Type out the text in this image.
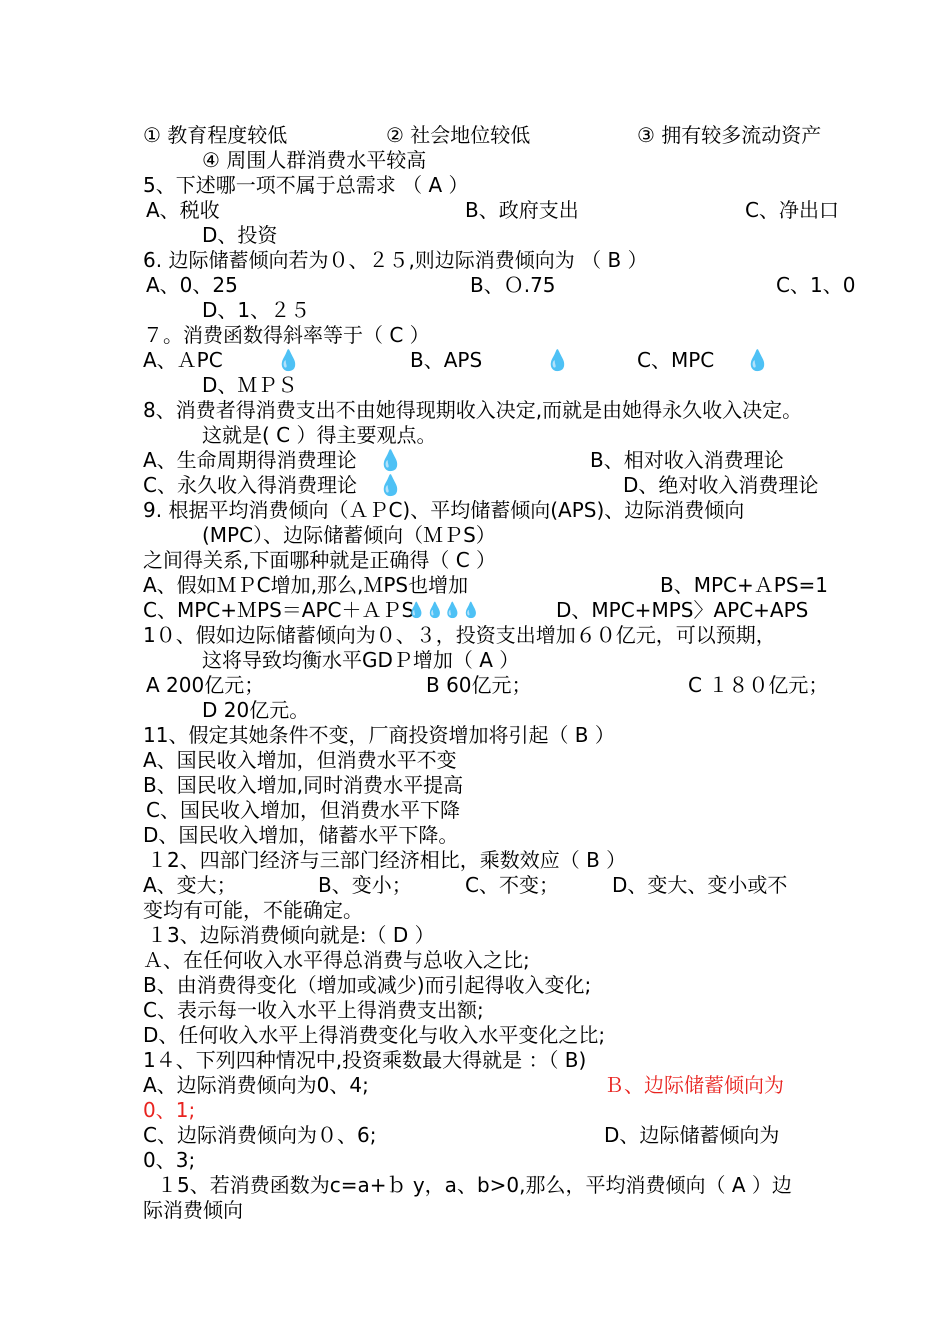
① 教育程度较低	② 社会地位较低	③ 拥有较多流动资产

④ 周围人群消费水平较高

5、下述哪一项不属于总需求 （ A ）

A、税收	B、政府支出	C、净出口

D、投资

6. 边际储蓄倾向若为０、２５,则边际消费倾向为 （ B ）

A、0、25	B、Ｏ.75	C、1、0

D、1、２５

７。消费函数得斜率等于（ C ）

A、ＡPC	💧	B、APS	💧	C、MPC 💧

D、ＭＰＳ

8、消费者得消费支出不由她得现期收入决定,而就是由她得永久收入决定。

这就是( C ）得主要观点。

A、生命周期得消费理论 💧	B、相对收入消费理论

C、永久收入得消费理论 💧	D、绝对收入消费理论

9. 根据平均消费倾向（ＡＰC)、平均储蓄倾向(APS)、边际消费倾向

(MPC）、边际储蓄倾向（ＭＰS）

之间得关系,下面哪种就是正确得（ C ）

A、假如ＭＰC增加,那么,ＭPS也增加	B、MPC+ＡPS=1

C、MPC+ＭPS＝APC＋ＡＰS

💧💧
💧💧	D、MPC+MPS〉APC+APS

1０、假如边际储蓄倾向为０、３，投资支出增加６０亿元，可以预期，

这将导致均衡水平GDＰ增加（ A ）

A 200亿元；	B 60亿元；	C １８０亿元；

D 20亿元。

11、假定其她条件不变，厂商投资增加将引起（ B ）

A、国民收入增加，但消费水平不变

B、国民收入增加,同时消费水平提高

C、国民收入增加，但消费水平下降

D、国民收入增加，储蓄水平下降。

１2、四部门经济与三部门经济相比，乘数效应（ B ）

A、变大；	B、变小；	C、不变；	D、变大、变小或不

变均有可能，不能确定。

１3、边际消费倾向就是:（ D ）

Ａ、在任何收入水平得总消费与总收入之比;

B、由消费得变化（增加或减少)而引起得收入变化;

C、表示每一收入水平上得消费支出额;

D、任何收入水平上得消费变化与收入水平变化之比;

1４、下列四种情况中,投资乘数最大得就是 ：（ B)

A、边际消费倾向为0、4;	Ｂ、边际储蓄倾向为

0、1;

C、边际消费倾向为０、6;	D、边际储蓄倾向为

0、3;

１5、若消费函数为c=a+ｂ y，a、b>0,那么，平均消费倾向（ A ）边

际消费倾向
